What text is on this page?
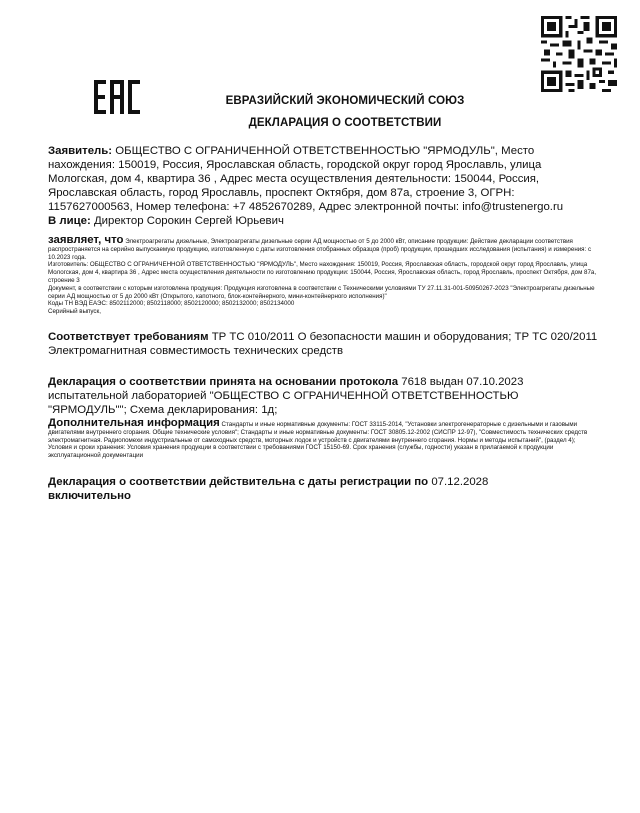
ЕВРАЗИЙСКИЙ ЭКОНОМИЧЕСКИЙ СОЮЗ
ДЕКЛАРАЦИЯ О СООТВЕТСТВИИ
Заявитель: ОБЩЕСТВО С ОГРАНИЧЕННОЙ ОТВЕТСТВЕННОСТЬЮ "ЯРМОДУЛЬ", Место нахождения: 150019, Россия, Ярославская область, городской округ город Ярославль, улица Мологская, дом 4, квартира 36 , Адрес места осуществления деятельности: 150044, Россия, Ярославская область, город Ярославль, проспект Октября, дом 87а, строение 3, ОГРН: 1157627000563, Номер телефона: +7 4852670289, Адрес электронной почты: info@trustenergo.ru
В лице: Директор Сорокин Сергей Юрьевич
заявляет, что Электроагрегаты дизельные, Электроагрегаты дизельные серии АД мощностью от 5 до 2000 кВт, описание продукции: Действие декларации соответствия распространяется на серийно выпускаемую продукцию, изготовленную с даты изготовления отобранных образцов (проб) продукции, прошедших исследования (испытания) и измерения: с 10.2023 года.
Изготовитель: ОБЩЕСТВО С ОГРАНИЧЕННОЙ ОТВЕТСТВЕННОСТЬЮ "ЯРМОДУЛЬ", Место нахождения: 150019, Россия, Ярославская область, городской округ город Ярославль, улица Мологская, дом 4, квартира 36 , Адрес места осуществления деятельности по изготовлению продукции: 150044, Россия, Ярославская область, город Ярославль, проспект Октября, дом 87а, строение 3
Документ, в соответствии с которым изготовлена продукция: Продукция изготовлена в соответствии с Техническими условиями ТУ 27.11.31-001-50950267-2023 "Электроагрегаты дизельные серии АД мощностью от 5 до 2000 кВт (Открытого, капотного, блок-контейнерного, мини-контейнерного исполнения)"
Коды ТН ВЭД ЕАЭС: 8502112000; 8502118000; 8502120000; 8502132000; 8502134000
Серийный выпуск,
Соответствует требованиям ТР ТС 010/2011 О безопасности машин и оборудования; ТР ТС 020/2011 Электромагнитная совместимость технических средств
Декларация о соответствии принята на основании протокола 7618 выдан 07.10.2023 испытательной лабораторией "ОБЩЕСТВО С ОГРАНИЧЕННОЙ ОТВЕТСТВЕННОСТЬЮ "ЯРМОДУЛЬ""; Схема декларирования: 1д;
Дополнительная информация Стандарты и иные нормативные документы: ГОСТ 33115-2014, "Установки электрогенераторные с дизельными и газовыми двигателями внутреннего сгорания. Общие технические условия"; Стандарты и иные нормативные документы: ГОСТ 30805.12-2002 (СИСПР 12-97), "Совместимость технических средств электромагнитная. Радиопомехи индустриальные от самоходных средств, моторных лодок и устройств с двигателями внутреннего сгорания. Нормы и методы испытаний", (раздел 4); Условия и сроки хранения: Условия хранения продукции в соответствии с требованиями ГОСТ 15150-69. Срок хранения (службы, годности) указан в прилагаемой к продукции эксплуатационной документации
Декларация о соответствии действительна с даты регистрации по 07.12.2028
включительно
